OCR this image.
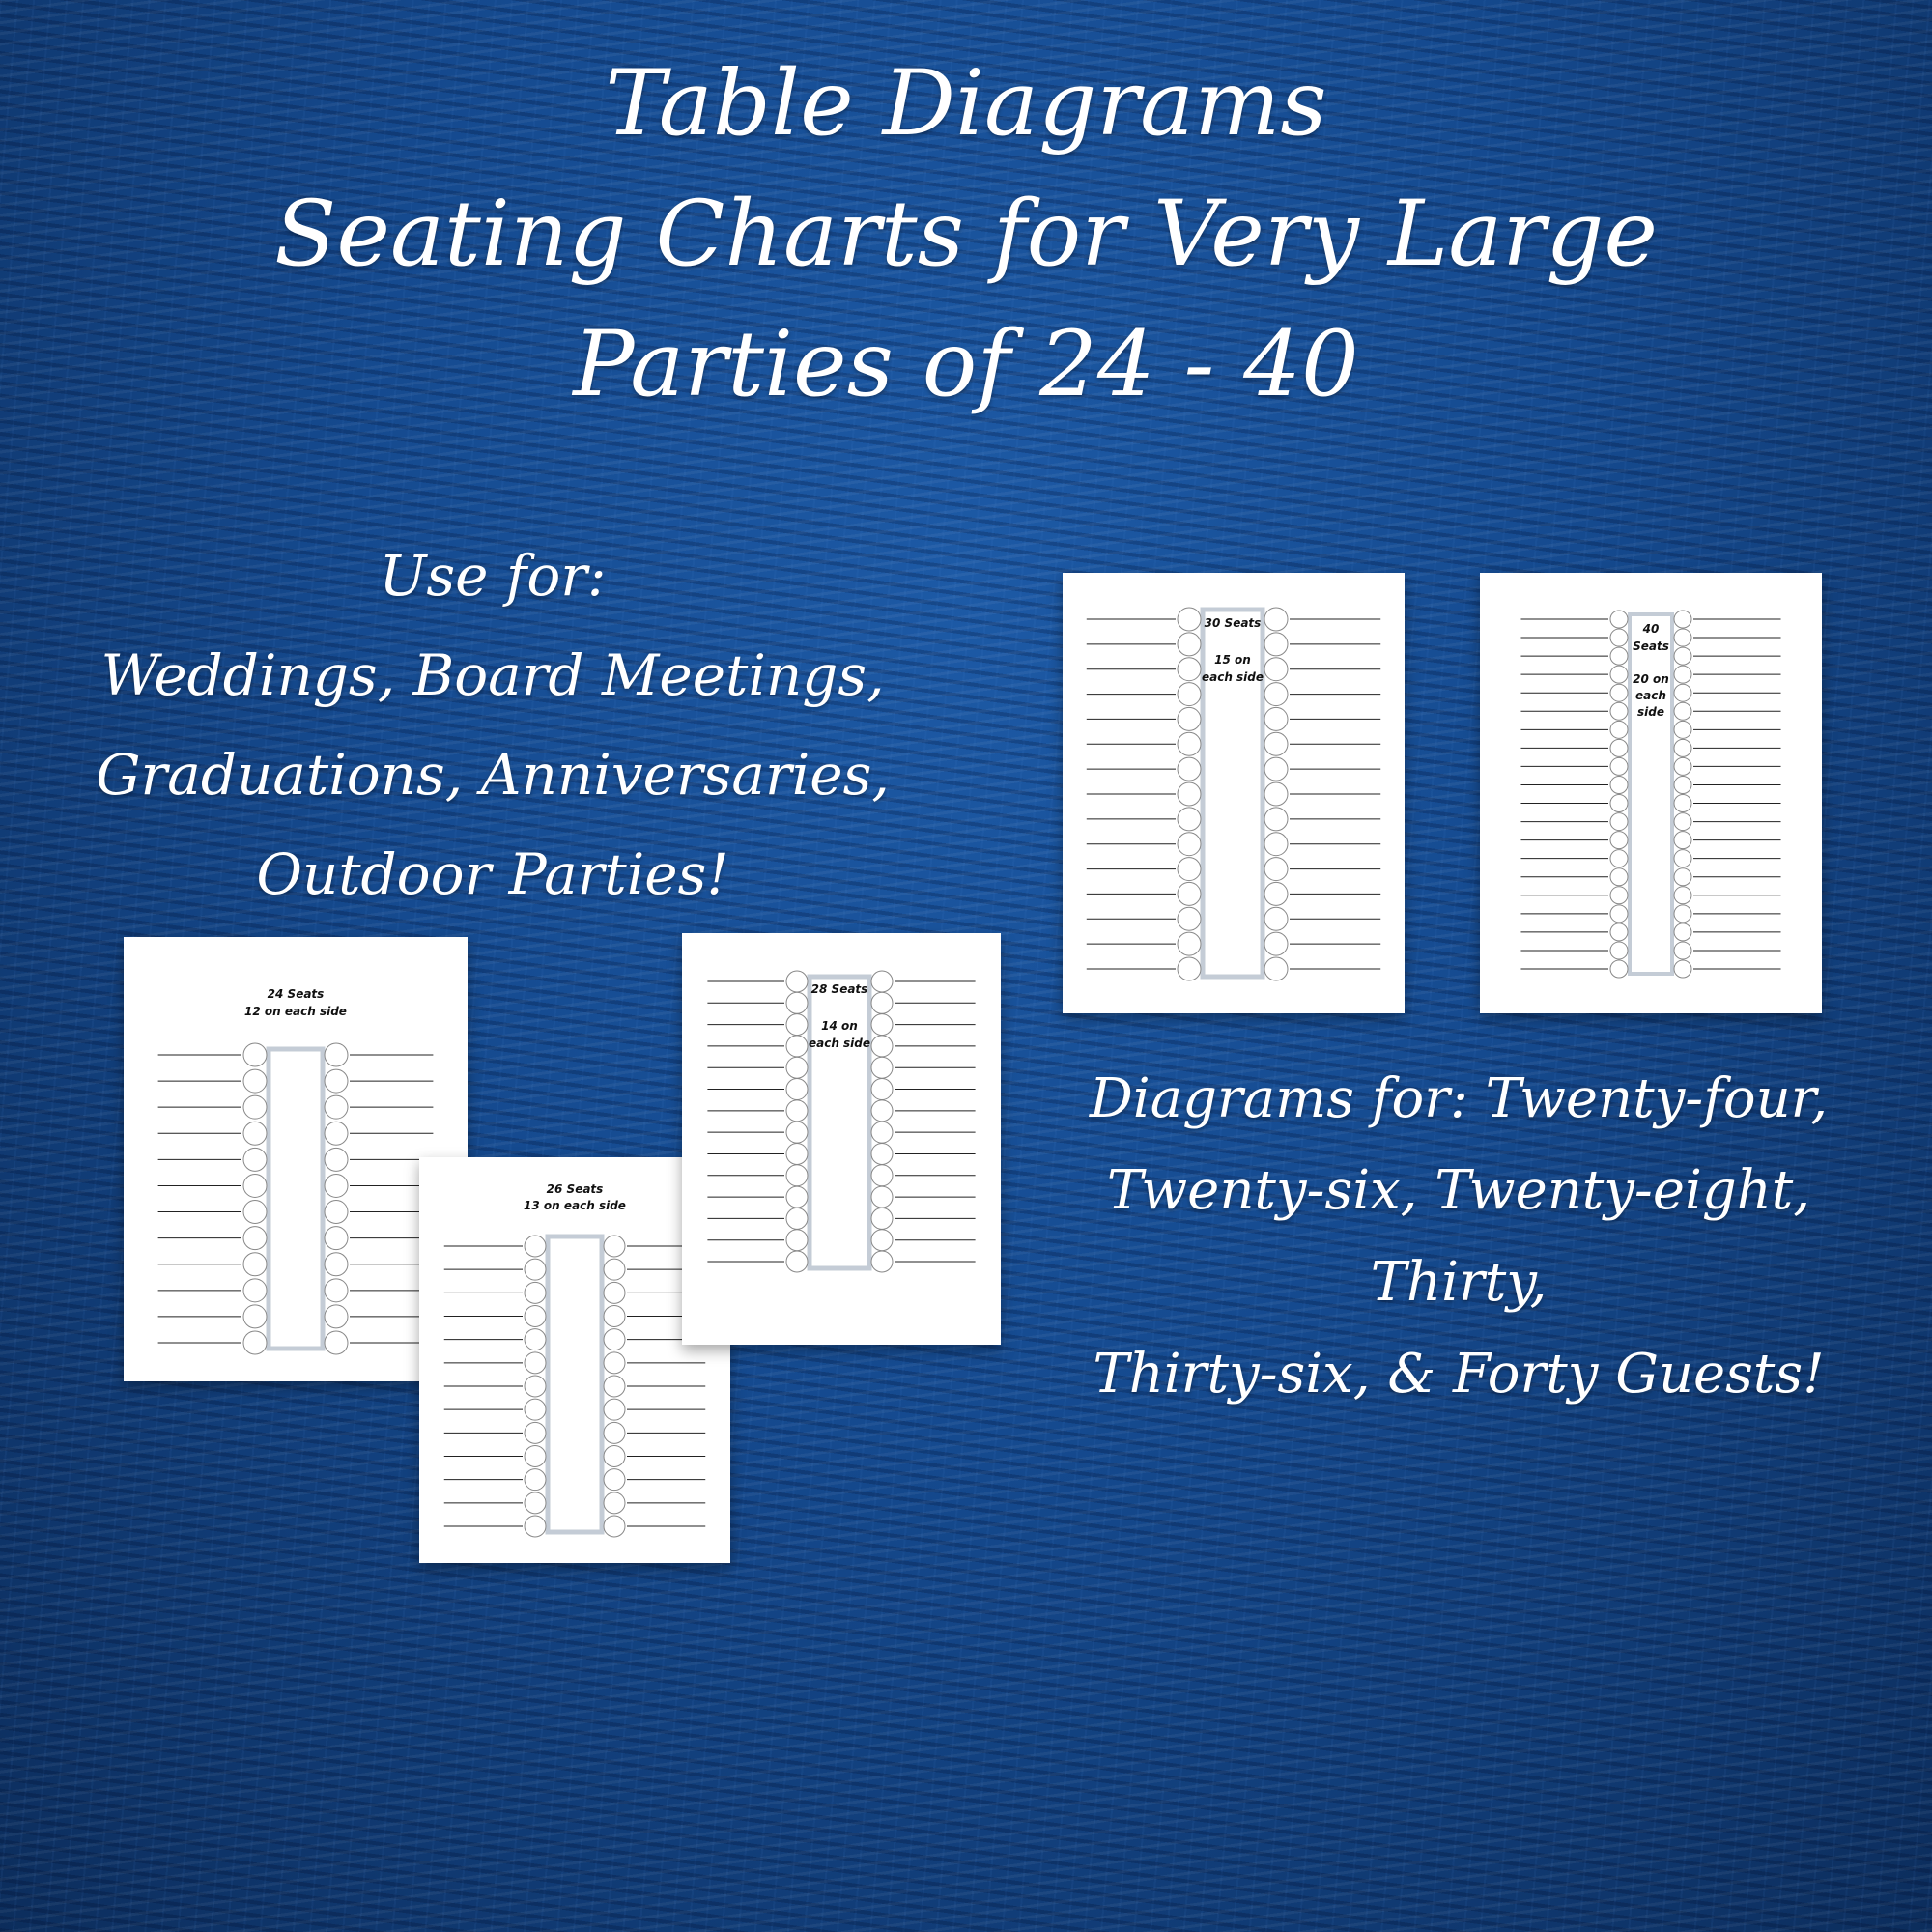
Table Diagrams
Seating Charts for Very Large
Parties of 24 - 40
Use for:
Weddings, Board Meetings,
Graduations, Anniversaries,
Outdoor Parties!
Diagrams for: Twenty-four,
Twenty-six, Twenty-eight,
Thirty,
Thirty-six, & Forty Guests!
24 Seats
12 on each side
26 Seats
13 on each side
28 Seats
14 on
each side
30 Seats
15 on
each side
40
Seats
20 on
each
side
